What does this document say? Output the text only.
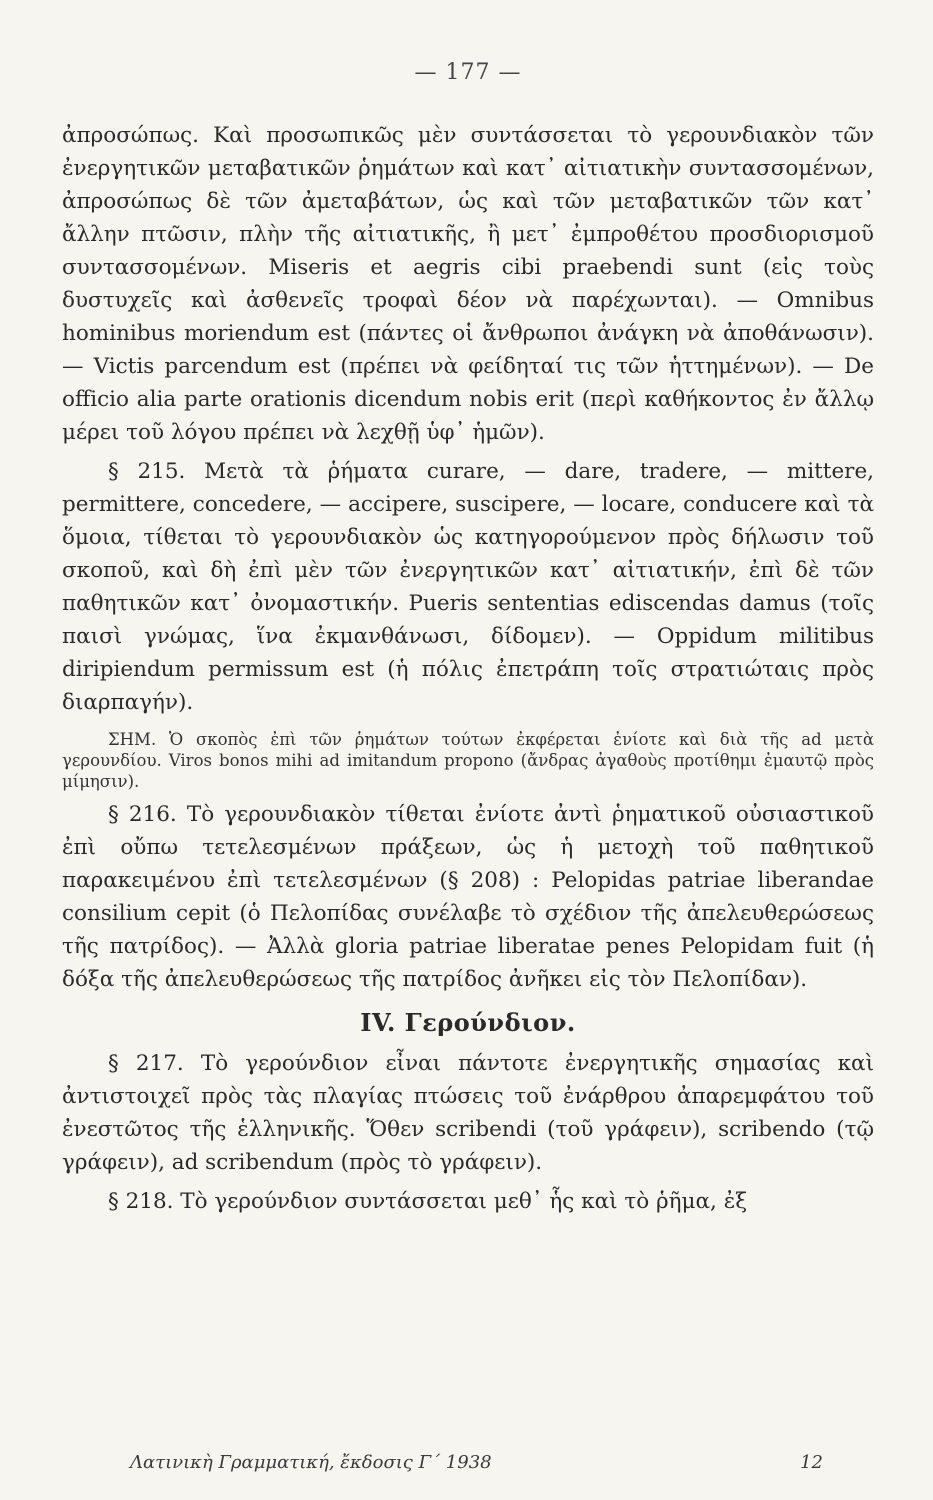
— 177 —

ἀπροσώπως. Καὶ προσωπικῶς μὲν συντάσσεται τὸ γερουνδιακὸν τῶν ἐνεργητικῶν μεταβατικῶν ῥημάτων καὶ κατ᾽ αἰτιατικὴν συντασσομένων, ἀπροσώπως δὲ τῶν ἀμεταβάτων, ὡς καὶ τῶν μεταβατικῶν τῶν κατ᾽ ἄλλην πτῶσιν, πλὴν τῆς αἰτιατικῆς, ἢ μετ᾽ ἐμπροθέτου προσδιορισμοῦ συντασσομένων. Miseris et aegris cibi praebendi sunt (εἰς τοὺς δυστυχεῖς καὶ ἀσθενεῖς τροφαὶ δέον νὰ παρέχωνται). — Omnibus hominibus moriendum est (πάντες οἱ ἄνθρωποι ἀνάγκη νὰ ἀποθάνωσιν). — Victis parcendum est (πρέπει νὰ φείδηταί τις τῶν ἡττημένων). — De officio alia parte orationis dicendum nobis erit (περὶ καθήκοντος ἐν ἄλλῳ μέρει τοῦ λόγου πρέπει νὰ λεχθῇ ὑφ᾽ ἡμῶν).

§ 215. Μετὰ τὰ ῥήματα curare, — dare, tradere, — mittere, permittere, concedere, — accipere, suscipere, — locare, conducere καὶ τὰ ὅμοια, τίθεται τὸ γερουνδιακὸν ὡς κατηγορούμενον πρὸς δήλωσιν τοῦ σκοποῦ, καὶ δὴ ἐπὶ μὲν τῶν ἐνεργητικῶν κατ᾽ αἰτιατικήν, ἐπὶ δὲ τῶν παθητικῶν κατ᾽ ὀνομαστικήν. Pueris sententias ediscendas damus (τοῖς παισὶ γνώμας, ἵνα ἐκμανθάνωσι, δίδομεν). — Oppidum militibus diripiendum permissum est (ἡ πόλις ἐπετράπη τοῖς στρατιώταις πρὸς διαρπαγήν).

ΣΗΜ. Ὁ σκοπὸς ἐπὶ τῶν ῥημάτων τούτων ἐκφέρεται ἐνίοτε καὶ διὰ τῆς ad μετὰ γερουνδίου. Viros bonos mihi ad imitandum propono (ἄνδρας ἀγαθοὺς προτίθημι ἐμαυτῷ πρὸς μίμησιν).

§ 216. Τὸ γερουνδιακὸν τίθεται ἐνίοτε ἀντὶ ῥηματικοῦ οὐσιαστικοῦ ἐπὶ οὔπω τετελεσμένων πράξεων, ὡς ἡ μετοχὴ τοῦ παθητικοῦ παρακειμένου ἐπὶ τετελεσμένων (§ 208) : Pelopidas patriae liberandae consilium cepit (ὁ Πελοπίδας συνέλαβε τὸ σχέδιον τῆς ἀπελευθερώσεως τῆς πατρίδος). — Ἀλλὰ gloria patriae liberatae penes Pelopidam fuit (ἡ δόξα τῆς ἀπελευθερώσεως τῆς πατρίδος ἀνῆκει εἰς τὸν Πελοπίδαν).

IV. Γερούνδιον.

§ 217. Τὸ γερούνδιον εἶναι πάντοτε ἐνεργητικῆς σημασίας καὶ ἀντιστοιχεῖ πρὸς τὰς πλαγίας πτώσεις τοῦ ἐνάρθρου ἀπαρεμφάτου τοῦ ἐνεστῶτος τῆς ἑλληνικῆς. Ὅθεν scribendi (τοῦ γράφειν), scribendo (τῷ γράφειν), ad scribendum (πρὸς τὸ γράφειν).

§ 218. Τὸ γερούνδιον συντάσσεται μεθ᾽ ἧς καὶ τὸ ῥῆμα, ἐξ

Λατινικὴ Γραμματική, ἔκδοσις Γ΄ 1938	12
